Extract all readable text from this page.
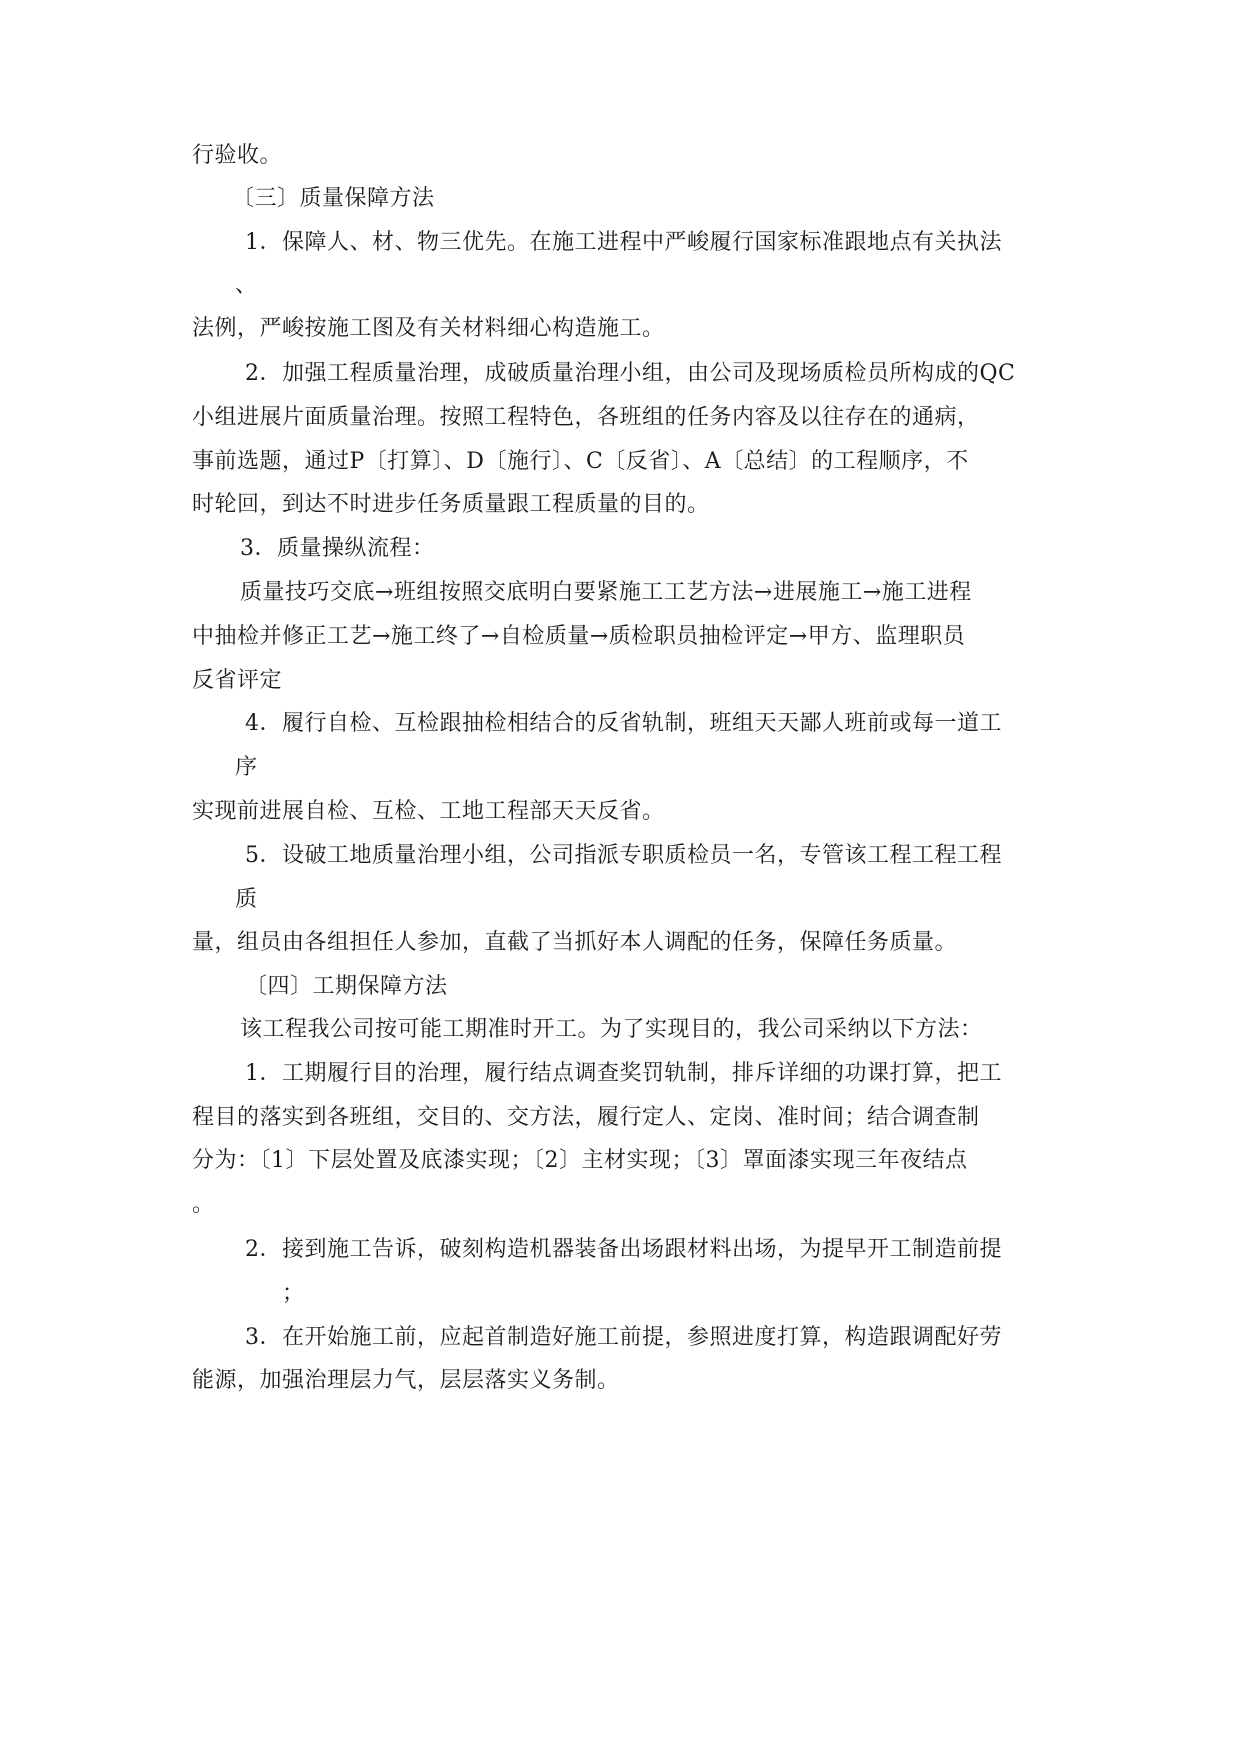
行验收。
〔三〕质量保障方法
1．保障人、材、物三优先。在施工进程中严峻履行国家标准跟地点有关执法
、
法例，严峻按施工图及有关材料细心构造施工。
2．加强工程质量治理，成破质量治理小组，由公司及现场质检员所构成的QC
小组进展片面质量治理。按照工程特色，各班组的任务内容及以往存在的通病，
事前选题，通过P〔打算〕、D〔施行〕、C〔反省〕、A〔总结〕的工程顺序，不
时轮回，到达不时进步任务质量跟工程质量的目的。
3．质量操纵流程：
质量技巧交底→班组按照交底明白要紧施工工艺方法→进展施工→施工进程
中抽检并修正工艺→施工终了→自检质量→质检职员抽检评定→甲方、监理职员
反省评定
4．履行自检、互检跟抽检相结合的反省轨制，班组天天鄙人班前或每一道工
序
实现前进展自检、互检、工地工程部天天反省。
5．设破工地质量治理小组，公司指派专职质检员一名，专管该工程工程工程
质
量，组员由各组担任人参加，直截了当抓好本人调配的任务，保障任务质量。
〔四〕工期保障方法
该工程我公司按可能工期准时开工。为了实现目的，我公司采纳以下方法：
1．工期履行目的治理，履行结点调查奖罚轨制，排斥详细的功课打算，把工
程目的落实到各班组，交目的、交方法，履行定人、定岗、准时间；结合调查制
分为：〔1〕下层处置及底漆实现；〔2〕主材实现；〔3〕罩面漆实现三年夜结点
。
2．接到施工告诉，破刻构造机器装备出场跟材料出场，为提早开工制造前提
；
3．在开始施工前，应起首制造好施工前提，参照进度打算，构造跟调配好劳
能源，加强治理层力气，层层落实义务制。
